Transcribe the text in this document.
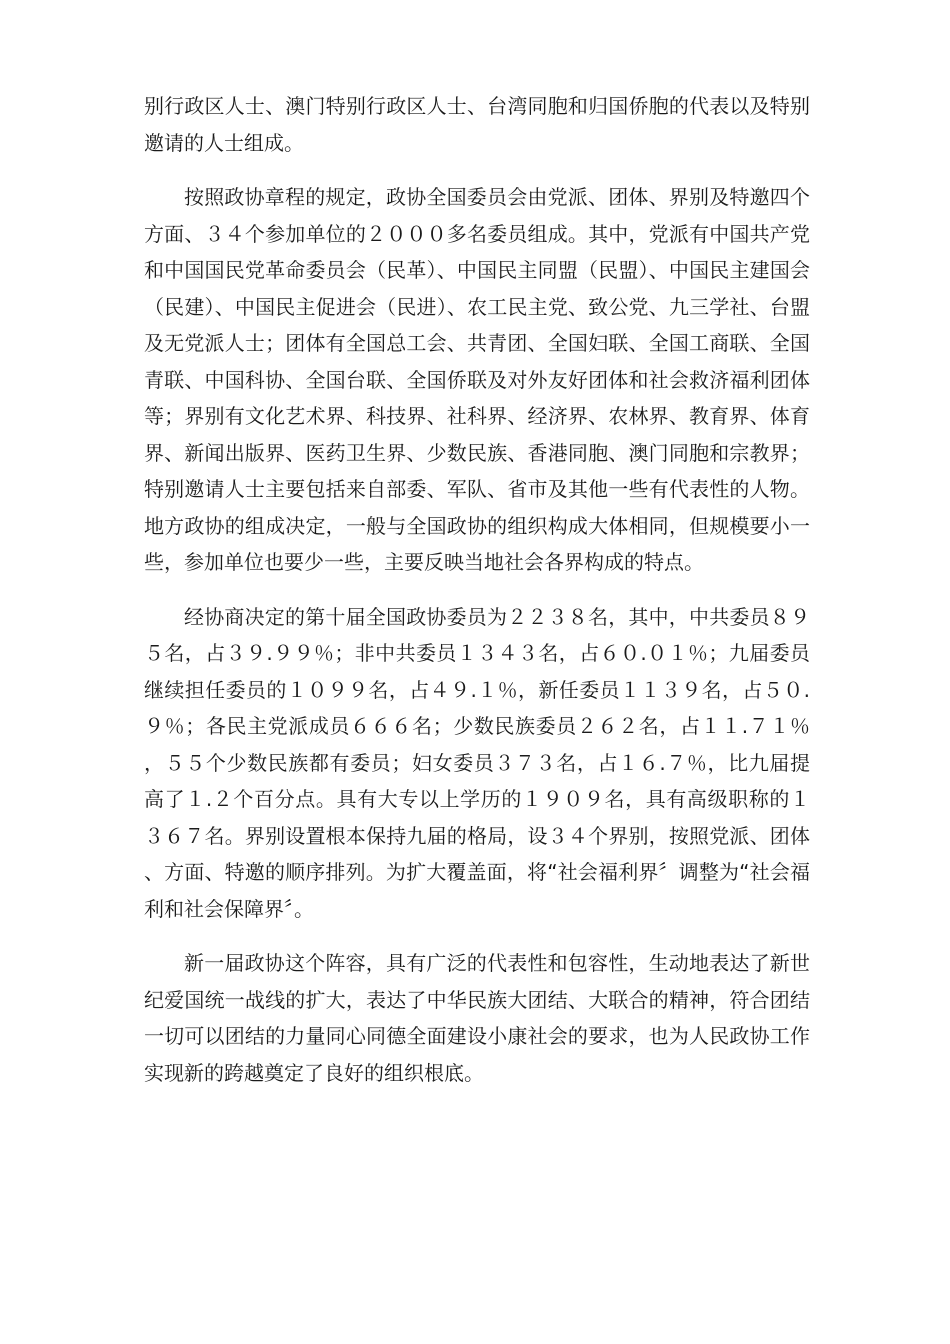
别行政区人士、澳门特别行政区人士、台湾同胞和归国侨胞的代表以及特别邀请的人士组成。

按照政协章程的规定，政协全国委员会由党派、团体、界别及特邀四个方面、３４个参加单位的２０００多名委员组成。其中，党派有中国共产党和中国国民党革命委员会（民革）、中国民主同盟（民盟）、中国民主建国会（民建）、中国民主促进会（民进）、农工民主党、致公党、九三学社、台盟及无党派人士；团体有全国总工会、共青团、全国妇联、全国工商联、全国青联、中国科协、全国台联、全国侨联及对外友好团体和社会救济福利团体等；界别有文化艺术界、科技界、社科界、经济界、农林界、教育界、体育界、新闻出版界、医药卫生界、少数民族、香港同胞、澳门同胞和宗教界；特别邀请人士主要包括来自部委、军队、省市及其他一些有代表性的人物。地方政协的组成决定，一般与全国政协的组织构成大体相同，但规模要小一些，参加单位也要少一些，主要反映当地社会各界构成的特点。

经协商决定的第十届全国政协委员为２２３８名，其中，中共委员８９５名，占３９.９９％；非中共委员１３４３名，占６０.０１％；九届委员继续担任委员的１０９９名，占４９.１％，新任委员１１３９名，占５０.９％；各民主党派成员６６６名；少数民族委员２６２名，占１１.７１％，５５个少数民族都有委员；妇女委员３７３名，占１６.７％，比九届提高了１.２个百分点。具有大专以上学历的１９０９名，具有高级职称的１３６７名。界别设置根本保持九届的格局，设３４个界别，按照党派、团体、方面、特邀的顺序排列。为扩大覆盖面，将“社会福利界〞调整为“社会福利和社会保障界〞。

新一届政协这个阵容，具有广泛的代表性和包容性，生动地表达了新世纪爱国统一战线的扩大，表达了中华民族大团结、大联合的精神，符合团结一切可以团结的力量同心同德全面建设小康社会的要求，也为人民政协工作实现新的跨越奠定了良好的组织根底。
